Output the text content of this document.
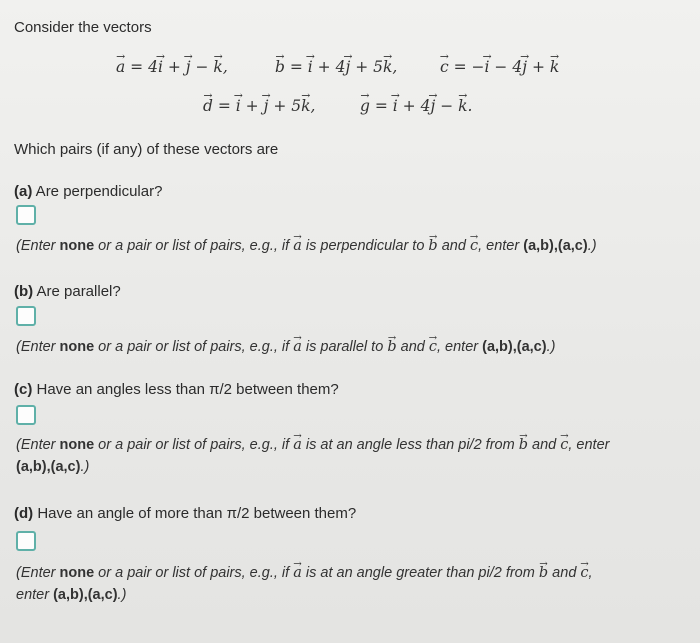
Consider the vectors
→ a = 4→ i + → j − → k,	→ b = → i + 4→ j + 5→ k,	→ c = −→ i − 4→ j + → k
→ d = → i + → j + 5→ k,	→ g = → i + 4→ j − → k.
Which pairs (if any) of these vectors are
(a) Are perpendicular?
(Enter none or a pair or list of pairs, e.g., if → a is perpendicular to → b and → c, enter (a,b),(a,c).)
(b) Are parallel?
(Enter none or a pair or list of pairs, e.g., if → a is parallel to → b and → c, enter (a,b),(a,c).)
(c) Have an angles less than π/2 between them?
(Enter none or a pair or list of pairs, e.g., if → a is at an angle less than pi/2 from → b and → c, enter
(a,b),(a,c).)
(d) Have an angle of more than π/2 between them?
(Enter none or a pair or list of pairs, e.g., if → a is at an angle greater than pi/2 from → b and → c,
enter (a,b),(a,c).)
